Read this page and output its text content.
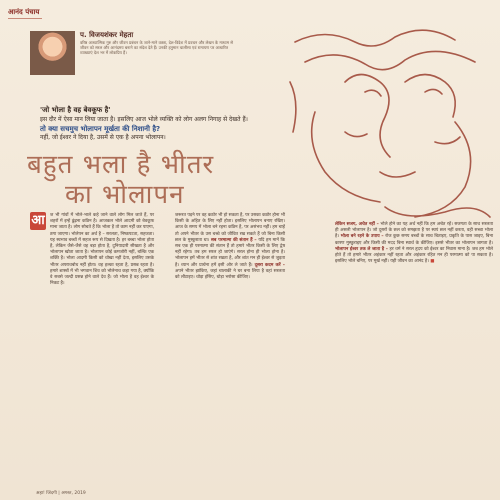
आनंद पंचाय
प. विजयशंकर मेहता
वरिष्ठ आध्यात्मिक गुरु और जीवन प्रबंधन के जाने-माने वक्ता, देश-विदेश में प्रवचन और लेखन के माध्यम से जीवन को सरल और आनंदमय बनाने का संदेश देते हैं। उनकी हनुमान चालीसा एवं रामायण पर आधारित व्याख्याएं देश भर में लोकप्रिय हैं।
'जो भोला है वह बेवकूफ है'
इस दौर में ऐसा मान लिया जाता है। इसलिए आज भोले व्यक्ति को लोग अलग निगाह से देखते हैं।
तो क्या सचमुच भोलापन मूर्खता की निशानी है?
नहीं, जो ईश्वर ने दिया है, उसमें से एक है अपना भोलापन।
बहुत भला है भीतर
का भोलापन
आ	ज भी गांवों में भोले-भाले कहे जाने वाले लोग मिल जाते हैं, पर शहरों में इन्हें ढूंढ़ना कठिन है। आजकल भोले आदमी को बेवकूफ माना जाता है। लोग सोचते हैं कि भोला है तो काम नहीं कर पाएगा, ठगा जाएगा। भोलेपन का अर्थ है – सरलता, निष्कपटता, सहजता। यह स्वभाव बच्चों में सहज रूप से दिखता है। हर बच्चा भोला होता है, लेकिन जैसे-जैसे वह बड़ा होता है, दुनियादारी सीखता है और भोलापन खोता जाता है। भोलापन कोई कमजोरी नहीं, बल्कि एक शक्ति है। भोला आदमी किसी को धोखा नहीं देता, इसलिए उसके भीतर अपराधबोध नहीं होता। वह हल्का रहता है, प्रसन्न रहता है। हमारे शास्त्रों में भी भगवान शिव को भोलेनाथ कहा गया है, क्योंकि वे सबसे जल्दी प्रसन्न होने वाले देव हैं। जो भोला है वह ईश्वर के निकट है।
जरूरत पड़ने पर वह कठोर भी हो सकता है, पर उसका कठोर होना भी किसी के अहित के लिए नहीं होता। इसलिए भोलापन बनाए रखिए। आज के समय में भोला बने रहना कठिन है, पर असंभव नहीं। हम चाहें तो अपने भीतर के उस बच्चे को जीवित रख सकते हैं जो बिना किसी छल के मुस्कुराता था। सब परमात्मा की संतान हैं – यदि हम मानें कि सब एक ही परमात्मा की संतान हैं तो हमारे भीतर किसी के लिए द्वेष नहीं रहेगा। तब हम सरल हो जाएंगे। सरल होना ही भोला होना है। भोलापन हमें भीतर से शांत रखता है, और शांत मन ही ईश्वर से जुड़ता है। ध्यान और प्रार्थना हमें इसी ओर ले जाते हैं। दूसरा कदम करें – अपने भीतर झांकिए, जहां चालाकी ने घर बना लिया है वहां सरलता को लौटाइए। थोड़ा हंसिए, थोड़ा भरोसा कीजिए।
लेकिन सजग, अचेत नहीं – भोले होने का यह अर्थ नहीं कि हम अचेत रहें। सजगता के साथ सरलता ही असली भोलापन है। जो दूसरों के छल को समझता है पर स्वयं छल नहीं करता, वही सच्चा भोला है। भोला बने रहने के उपाय – रोज कुछ समय बच्चों के साथ बिताइए, प्रकृति के पास जाइए, बिना कारण मुस्कुराइए और किसी की मदद बिना स्वार्थ के कीजिए। इससे भीतर का भोलापन जागता है। भोलापन ईश्वर तक ले जाता है – हर धर्म ने सरल हृदय को ईश्वर का निवास माना है। जब हम भोले होते हैं तो हमारे भीतर अहंकार नहीं रहता और अहंकार रहित मन ही परमात्मा को पा सकता है। इसलिए भोले बनिए, पर मूर्ख नहीं। यही जीवन का आनंद है। ■
अहा! जिंदगी | अगस्त, 2019
